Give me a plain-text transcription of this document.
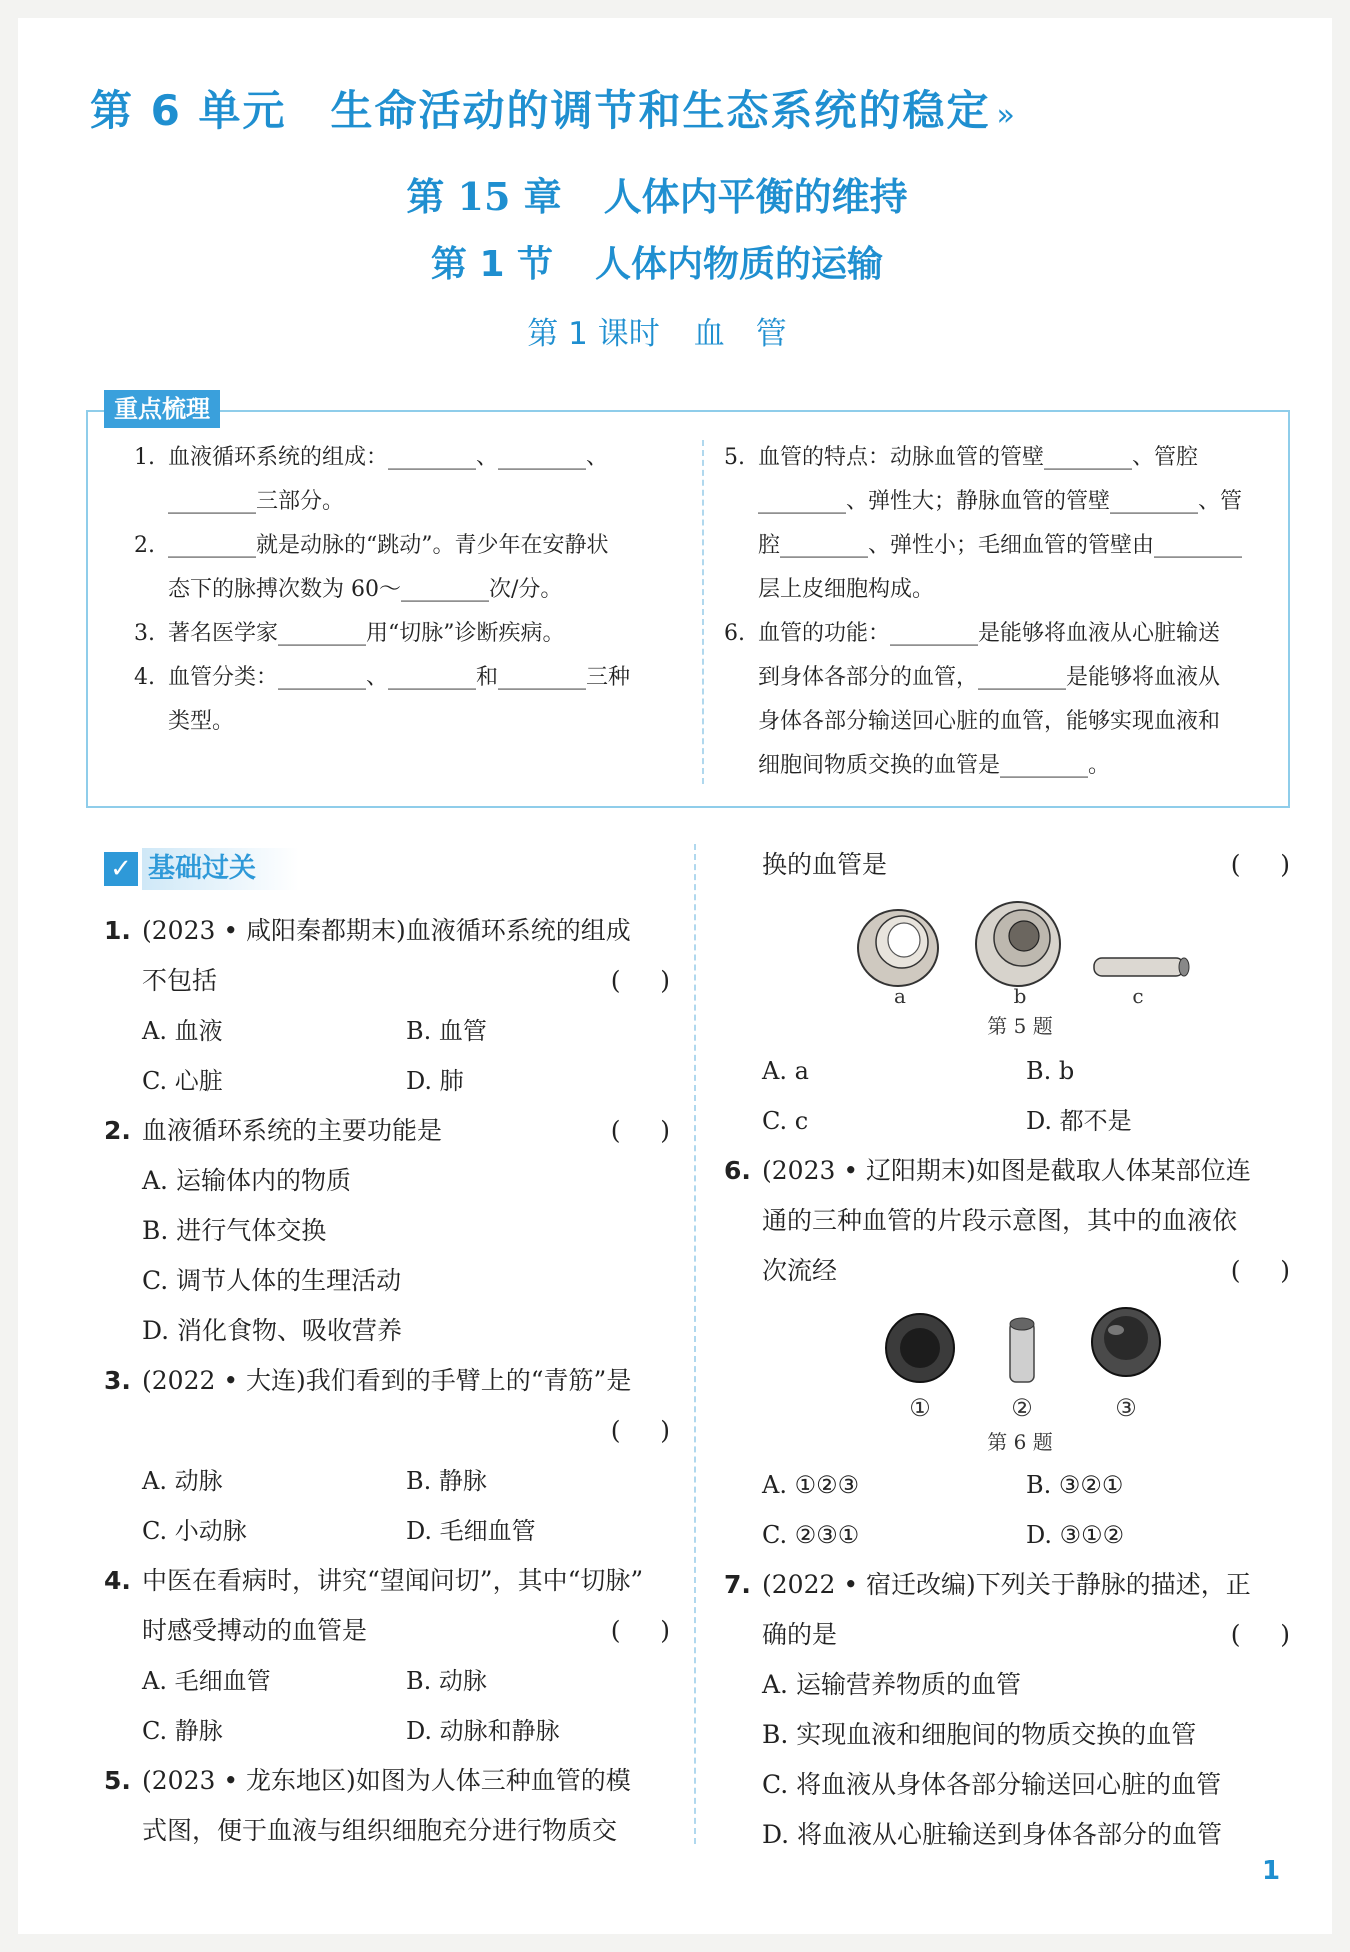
第 6 单元 生命活动的调节和生态系统的稳定 »
第 15 章 人体内平衡的维持
第 1 节 人体内物质的运输
第 1 课时 血　管
重点梳理
1. 血液循环系统的组成：________、________、
________三部分。
2. ________就是动脉的“跳动”。青少年在安静状
态下的脉搏次数为 60～________次/分。
3. 著名医学家________用“切脉”诊断疾病。
4. 血管分类：________、________和________三种
类型。
5. 血管的特点：动脉血管的管壁________、管腔
________、弹性大；静脉血管的管壁________、管
腔________、弹性小；毛细血管的管壁由________
层上皮细胞构成。
6. 血管的功能：________是能够将血液从心脏输送
到身体各部分的血管，________是能够将血液从
身体各部分输送回心脏的血管，能够实现血液和
细胞间物质交换的血管是________。
✓ 基础过关
1. (2023 • 咸阳秦都期末)血液循环系统的组成
不包括	(     )
A. 血液	B. 血管
C. 心脏	D. 肺
2. 血液循环系统的主要功能是	(     )
A. 运输体内的物质
B. 进行气体交换
C. 调节人体的生理活动
D. 消化食物、吸收营养
3. (2022 • 大连)我们看到的手臂上的“青筋”是
(     )
A. 动脉	B. 静脉
C. 小动脉	D. 毛细血管
4. 中医在看病时，讲究“望闻问切”，其中“切脉”
时感受搏动的血管是	(     )
A. 毛细血管	B. 动脉
C. 静脉	D. 动脉和静脉
5. (2023 • 龙东地区)如图为人体三种血管的模
式图，便于血液与组织细胞充分进行物质交
换的血管是	(     )
a	b	c
第 5 题
A. a	B. b
C. c	D. 都不是
6. (2023 • 辽阳期末)如图是截取人体某部位连
通的三种血管的片段示意图，其中的血液依
次流经	(     )
①	②	③
第 6 题
A. ①②③	B. ③②①
C. ②③①	D. ③①②
7. (2022 • 宿迁改编)下列关于静脉的描述，正
确的是	(     )
A. 运输营养物质的血管
B. 实现血液和细胞间的物质交换的血管
C. 将血液从身体各部分输送回心脏的血管
D. 将血液从心脏输送到身体各部分的血管
1
